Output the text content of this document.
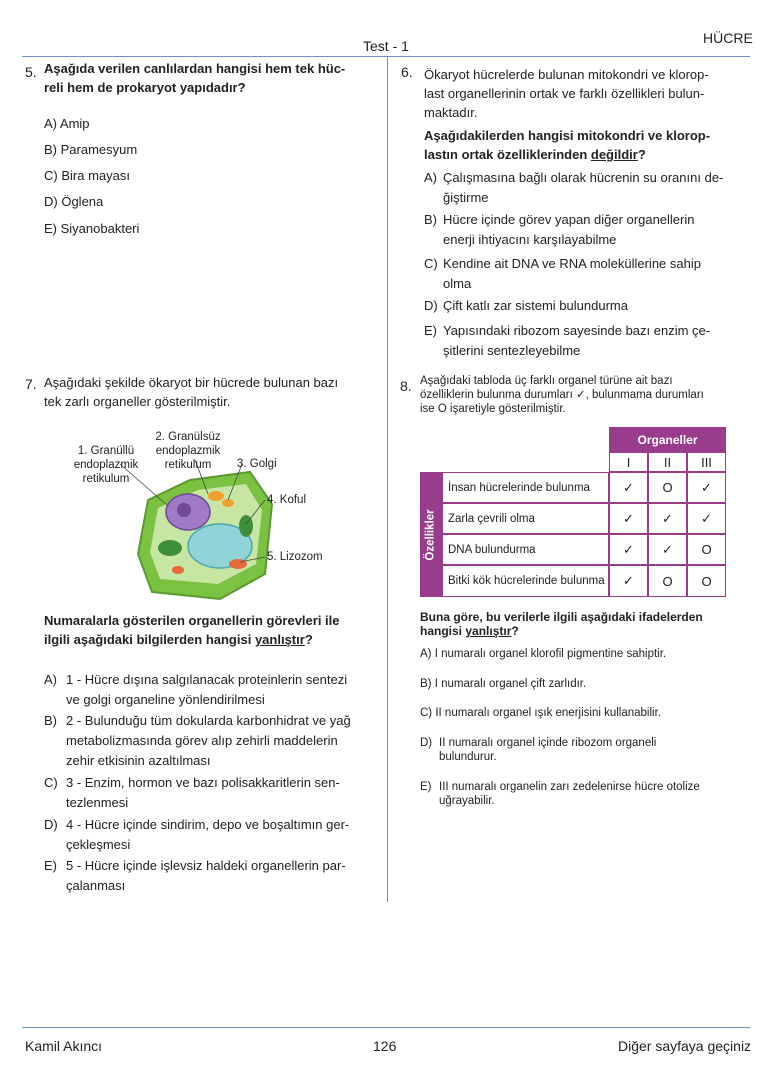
Test - 1	HÜCRE
5. Aşağıda verilen canlılardan hangisi hem tek hüc-
reli hem de prokaryot yapıdadır?
A) Amip
B) Paramesyum
C) Bira mayası
D) Öglena
E) Siyanobakteri
6. Ökaryot hücrelerde bulunan mitokondri ve klorop-
last organellerinin ortak ve farklı özellikleri bulun-
maktadır.
Aşağıdakilerden hangisi mitokondri ve klorop-
lastın ortak özelliklerinden değildir?
A) Çalışmasına bağlı olarak hücrenin su oranını de-
ğiştirme
B) Hücre içinde görev yapan diğer organellerin
enerji ihtiyacını karşılayabilme
C) Kendine ait DNA ve RNA moleküllerine sahip
olma
D) Çift katlı zar sistemi bulundurma
E) Yapısındaki ribozom sayesinde bazı enzim çe-
şitlerini sentezleyebilme
7. Aşağıdaki şekilde ökaryot bir hücrede bulunan bazı
tek zarlı organeller gösterilmiştir.
1. Granüllü
endoplazmik
retikulum
2. Granülsüz
endoplazmik
retikulum	3. Golgi
4. Koful
5. Lizozom
Numaralarla gösterilen organellerin görevleri ile
ilgili aşağıdaki bilgilerden hangisi yanlıştır?
A) 1 - Hücre dışına salgılanacak proteinlerin sentezi
ve golgi organeline yönlendirilmesi
B) 2 - Bulunduğu tüm dokularda karbonhidrat ve yağ
metabolizmasında görev alıp zehirli maddelerin
zehir etkisinin azaltılması
C) 3 - Enzim, hormon ve bazı polisakkaritlerin sen-
tezlenmesi
D) 4 - Hücre içinde sindirim, depo ve boşaltımın ger-
çekleşmesi
E) 5 - Hücre içinde işlevsiz haldeki organellerin par-
çalanması
8. Aşağıdaki tabloda üç farklı organel türüne ait bazı
özelliklerin bulunma durumları ✓, bulunmama durumları
ise O işaretiyle gösterilmiştir.
Organeller
I	II	III
Özellikler
İnsan hücrelerinde bulunma	✓	O	✓
Zarla çevrili olma	✓	✓	✓
DNA bulundurma	✓	✓	O
Bitki kök hücrelerinde bulunma	✓	O	O
Buna göre, bu verilerle ilgili aşağıdaki ifadelerden
hangisi yanlıştır?
A) I numaralı organel klorofil pigmentine sahiptir.
B) I numaralı organel çift zarlıdır.
C) II numaralı organel ışık enerjisini kullanabilir.
D) II numaralı organel içinde ribozom organeli
bulundurur.
E) III numaralı organelin zarı zedelenirse hücre otolize
uğrayabilir.
Kamil Akıncı	126	Diğer sayfaya geçiniz
